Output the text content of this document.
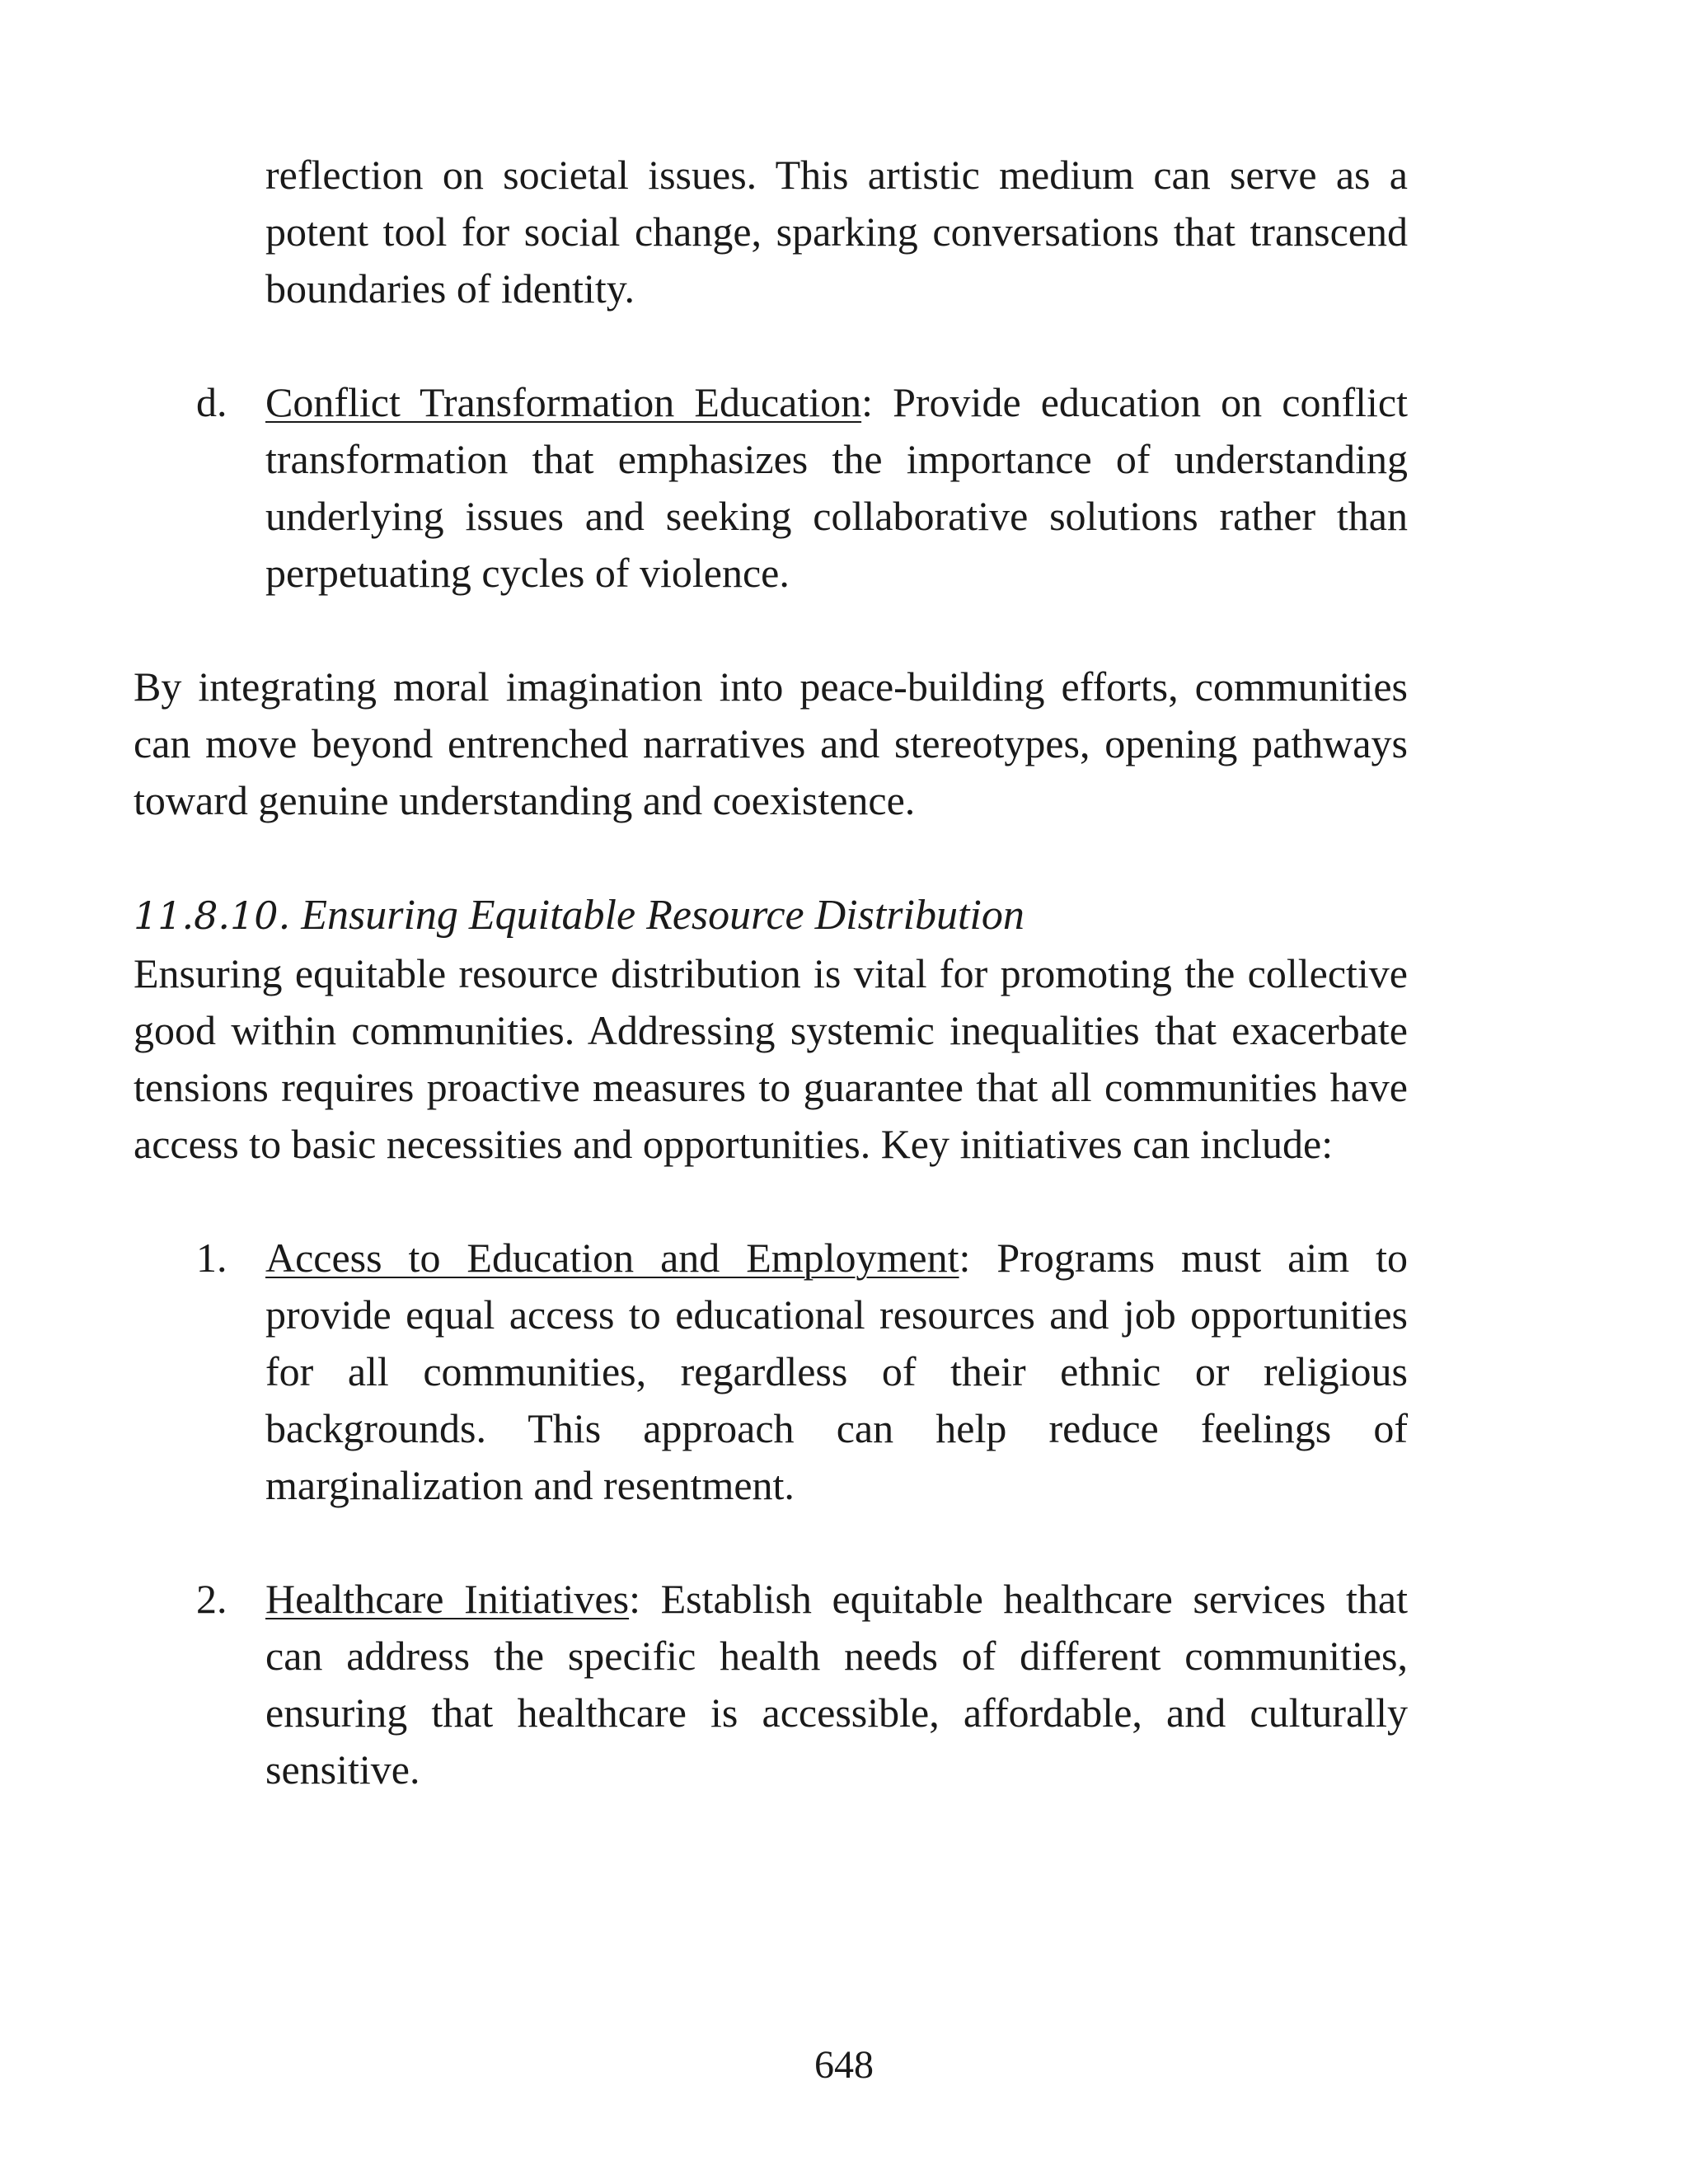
reflection on societal issues. This artistic medium can serve as a potent tool for social change, sparking conversations that transcend boundaries of identity.

d. Conflict Transformation Education: Provide education on conflict transformation that emphasizes the importance of understanding underlying issues and seeking collaborative solutions rather than perpetuating cycles of violence.

By integrating moral imagination into peace-building efforts, communities can move beyond entrenched narratives and stereotypes, opening pathways toward genuine understanding and coexistence.

11.8.10. Ensuring Equitable Resource Distribution

Ensuring equitable resource distribution is vital for promoting the collective good within communities. Addressing systemic inequalities that exacerbate tensions requires proactive measures to guarantee that all communities have access to basic necessities and opportunities. Key initiatives can include:

1. Access to Education and Employment: Programs must aim to provide equal access to educational resources and job opportunities for all communities, regardless of their ethnic or religious backgrounds. This approach can help reduce feelings of marginalization and resentment.

2. Healthcare Initiatives: Establish equitable healthcare services that can address the specific health needs of different communities, ensuring that healthcare is accessible, affordable, and culturally sensitive.

648
